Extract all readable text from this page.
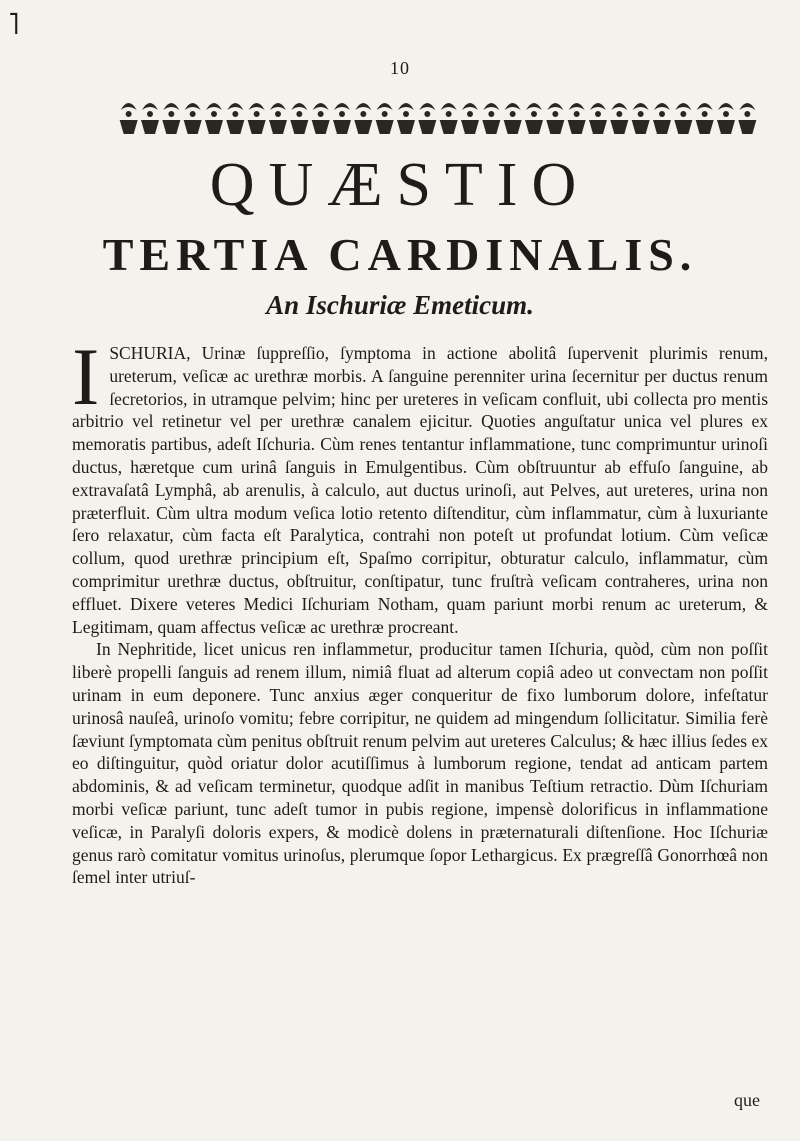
˥
10
QUÆSTIO
TERTIA CARDINALIS.
An Ischuriæ Emeticum.

ISCHURIA, Urinæ ſuppreſſio, ſymptoma in actione abolitâ ſupervenit plurimis renum, ureterum, veſicæ ac urethræ morbis. A ſanguine perenniter urina ſecernitur per ductus renum ſecretorios, in utramque pelvim; hinc per ureteres in veſicam confluit, ubi collecta pro mentis arbitrio vel retinetur vel per urethræ canalem ejicitur. Quoties anguſtatur unica vel plures ex memoratis partibus, adeſt Iſchuria. Cùm renes tentantur inflammatione, tunc comprimuntur urinoſi ductus, hæretque cum urinâ ſanguis in Emulgentibus. Cùm obſtruuntur ab effuſo ſanguine, ab extravaſatâ Lymphâ, ab arenulis, à calculo, aut ductus urinoſi, aut Pelves, aut ureteres, urina non præterfluit. Cùm ultra modum veſica lotio retento diſtenditur, cùm inflammatur, cùm à luxuriante ſero relaxatur, cùm facta eſt Paralytica, contrahi non poteſt ut profundat lotium. Cùm veſicæ collum, quod urethræ principium eſt, Spaſmo corripitur, obturatur calculo, inflammatur, cùm comprimitur urethræ ductus, obſtruitur, conſtipatur, tunc fruſtrà veſicam contraheres, urina non effluet. Dixere veteres Medici Iſchuriam Notham, quam pariunt morbi renum ac ureterum, & Legitimam, quam affectus veſicæ ac urethræ procreant.

In Nephritide, licet unicus ren inflammetur, producitur tamen Iſchuria, quòd, cùm non poſſit liberè propelli ſanguis ad renem illum, nimiâ fluat ad alterum copiâ adeo ut convectam non poſſit urinam in eum deponere. Tunc anxius æger conqueritur de fixo lumborum dolore, infeſtatur urinosâ nauſeâ, urinoſo vomitu; febre corripitur, ne quidem ad mingendum ſollicitatur. Similia ferè ſæviunt ſymptomata cùm penitus obſtruit renum pelvim aut ureteres Calculus; & hæc illius ſedes ex eo diſtinguitur, quòd oriatur dolor acutiſſimus à lumborum regione, tendat ad anticam partem abdominis, & ad veſicam terminetur, quodque adſit in manibus Teſtium retractio. Dùm Iſchuriam morbi veſicæ pariunt, tunc adeſt tumor in pubis regione, impensè dolorificus in inflammatione veſicæ, in Paralyſi doloris expers, & modicè dolens in præternaturali diſtenſione. Hoc Iſchuriæ genus rarò comitatur vomitus urinoſus, plerumque ſopor Lethargicus. Ex prægreſſâ Gonorrhœâ non ſemel inter utriuſ-

que
